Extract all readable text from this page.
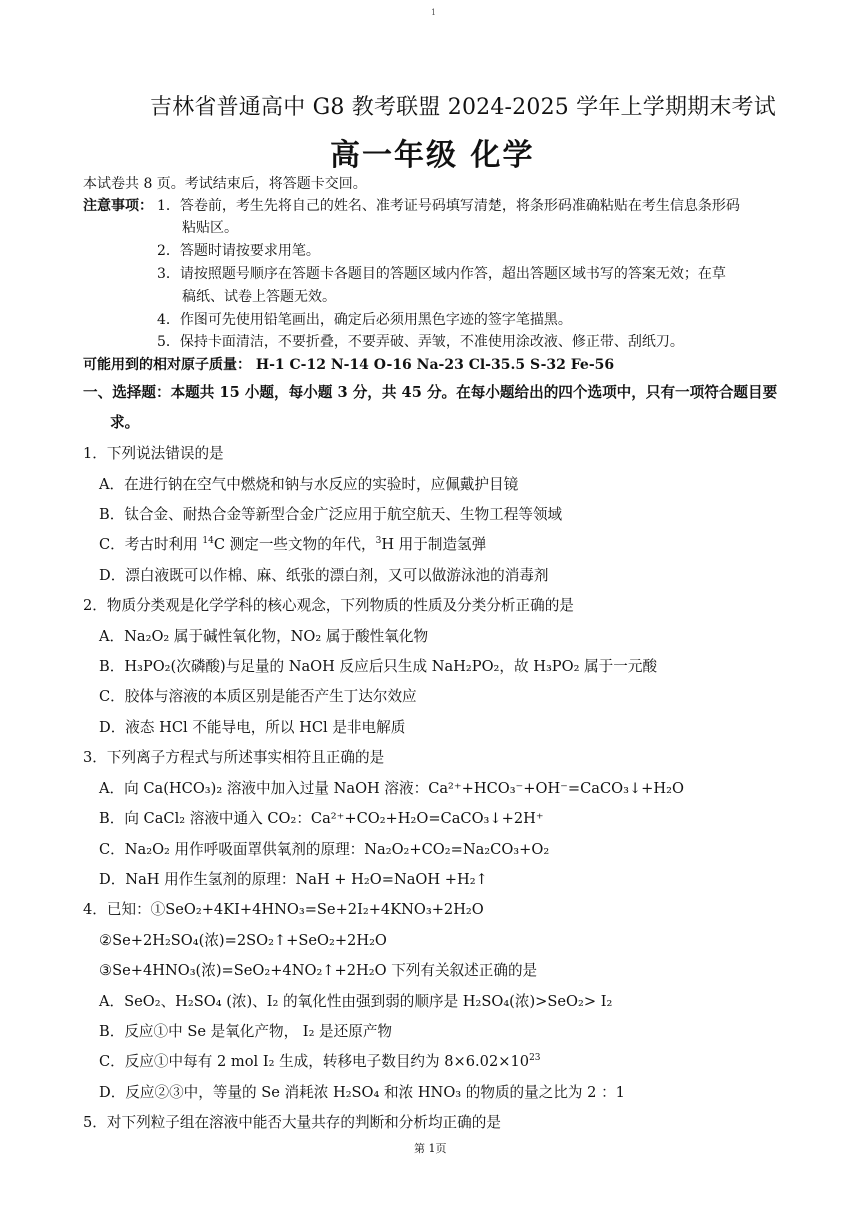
1
吉林省普通高中 G8 教考联盟 2024-2025 学年上学期期末考试
高一年级 化学
本试卷共 8 页。考试结束后，将答题卡交回。
注意事项： 1．答卷前，考生先将自己的姓名、准考证号码填写清楚，将条形码准确粘贴在考生信息条形码
粘贴区。
2．答题时请按要求用笔。
3．请按照题号顺序在答题卡各题目的答题区域内作答，超出答题区域书写的答案无效；在草
稿纸、试卷上答题无效。
4．作图可先使用铅笔画出，确定后必须用黑色字迹的签字笔描黑。
5．保持卡面清洁，不要折叠，不要弄破、弄皱，不准使用涂改液、修正带、刮纸刀。
可能用到的相对原子质量： H-1 C-12 N-14 O-16 Na-23 Cl-35.5 S-32 Fe-56
一、选择题：本题共 15 小题，每小题 3 分，共 45 分。在每小题给出的四个选项中，只有一项符合题目要
求。
1．下列说法错误的是
A．在进行钠在空气中燃烧和钠与水反应的实验时，应佩戴护目镜
B．钛合金、耐热合金等新型合金广泛应用于航空航天、生物工程等领域
C．考古时利用 $^{14}$C 测定一些文物的年代，$^3$H 用于制造氢弹
D．漂白液既可以作棉、麻、纸张的漂白剂，又可以做游泳池的消毒剂
2．物质分类观是化学学科的核心观念，下列物质的性质及分类分析正确的是
A．Na₂O₂ 属于碱性氧化物，NO₂ 属于酸性氧化物
B．H₃PO₂(次磷酸)与足量的 NaOH 反应后只生成 NaH₂PO₂，故 H₃PO₂ 属于一元酸
C．胶体与溶液的本质区别是能否产生丁达尔效应
D．液态 HCl 不能导电，所以 HCl 是非电解质
3．下列离子方程式与所述事实相符且正确的是
A．向 Ca(HCO₃)₂ 溶液中加入过量 NaOH 溶液：Ca²⁺+HCO₃⁻+OH⁻=CaCO₃↓+H₂O
B．向 CaCl₂ 溶液中通入 CO₂：Ca²⁺+CO₂+H₂O=CaCO₃↓+2H⁺
C．Na₂O₂ 用作呼吸面罩供氧剂的原理：Na₂O₂+CO₂=Na₂CO₃+O₂
D．NaH 用作生氢剂的原理：NaH + H₂O=NaOH +H₂↑
4．已知：①SeO₂+4KI+4HNO₃=Se+2I₂+4KNO₃+2H₂O
②Se+2H₂SO₄(浓)=2SO₂↑+SeO₂+2H₂O
③Se+4HNO₃(浓)=SeO₂+4NO₂↑+2H₂O 下列有关叙述正确的是
A．SeO₂、H₂SO₄ (浓)、I₂ 的氧化性由强到弱的顺序是 H₂SO₄(浓)>SeO₂> I₂
B．反应①中 Se 是氧化产物， I₂ 是还原产物
C．反应①中每有 2 mol I₂ 生成，转移电子数目约为 $8\times 6.02\times 10^{23}$
D．反应②③中，等量的 Se 消耗浓 H₂SO₄ 和浓 HNO₃ 的物质的量之比为 2 ：1
5．对下列粒子组在溶液中能否大量共存的判断和分析均正确的是
第 1页
